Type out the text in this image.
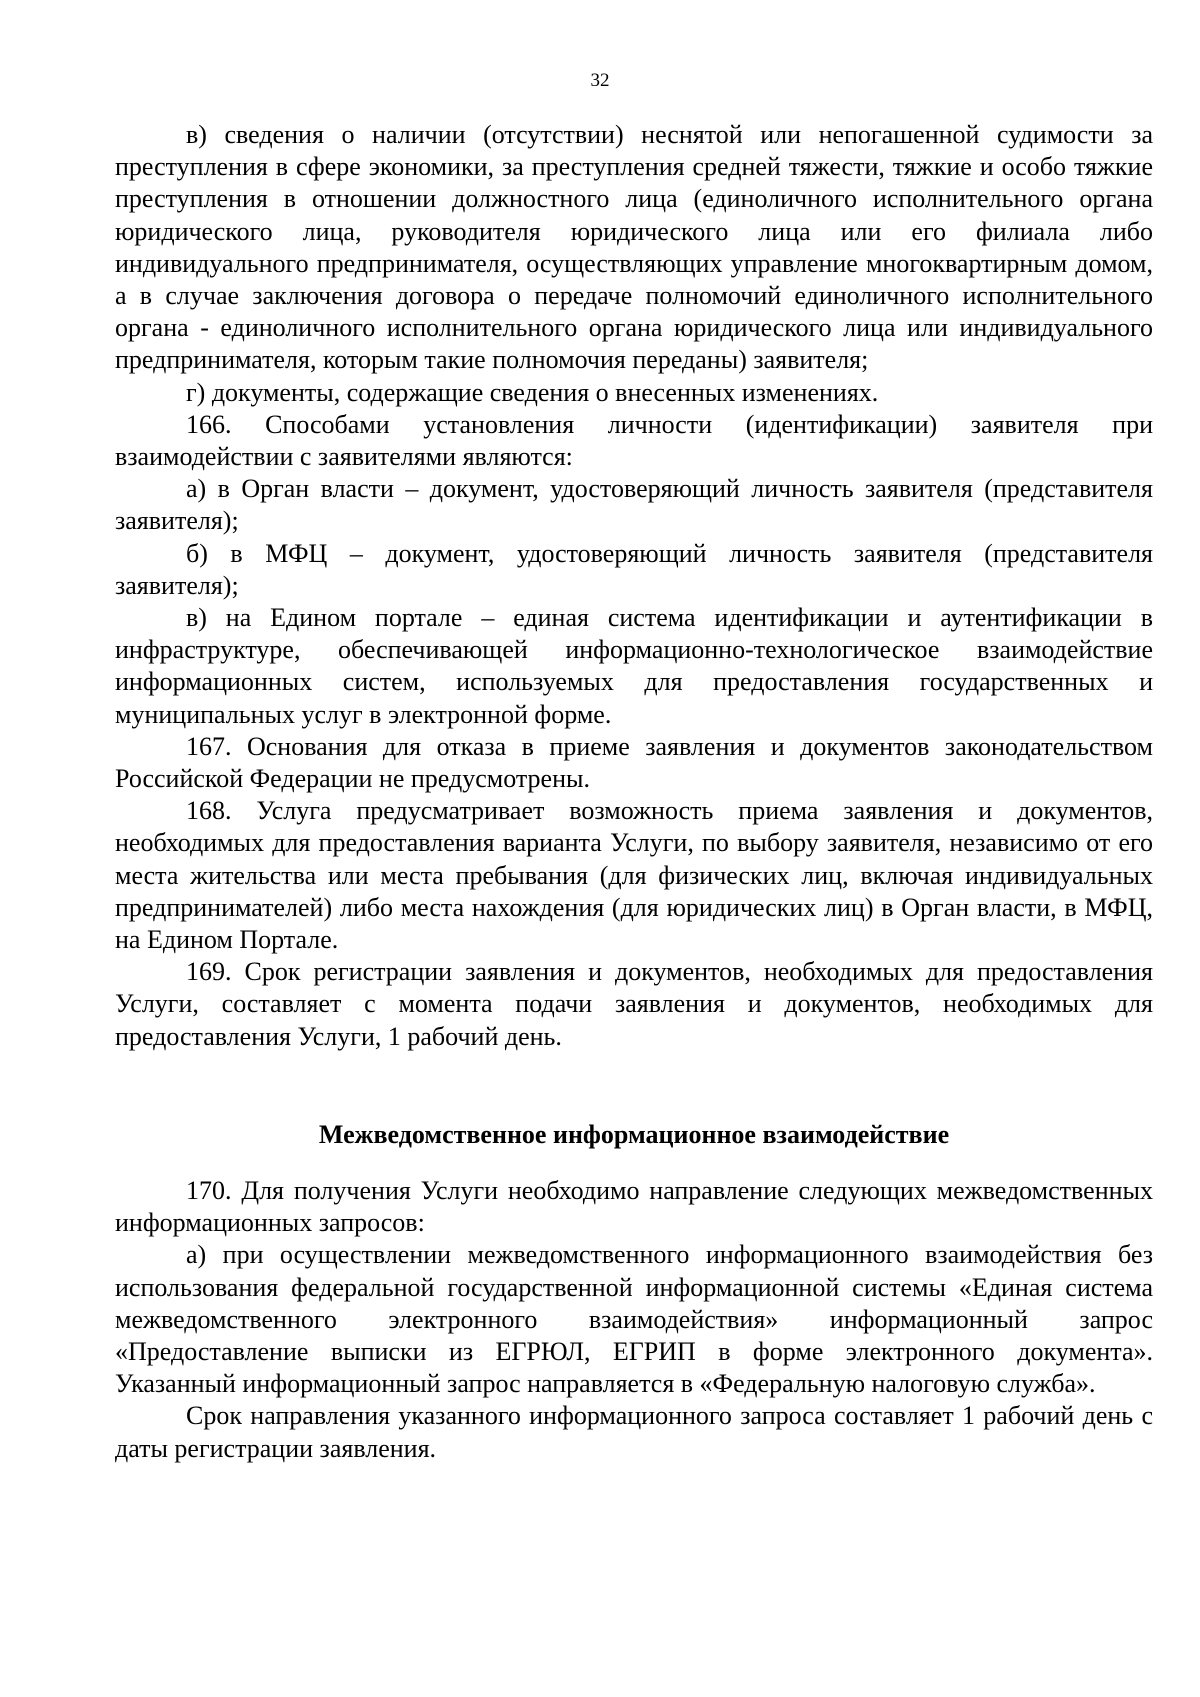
32

в) сведения о наличии (отсутствии) неснятой или непогашенной судимости за преступления в сфере экономики, за преступления средней тяжести, тяжкие и особо тяжкие преступления в отношении должностного лица (единоличного исполнительного органа юридического лица, руководителя юридического лица или его филиала либо индивидуального предпринимателя, осуществляющих управление многоквартирным домом, а в случае заключения договора о передаче полномочий единоличного исполнительного органа - единоличного исполнительного органа юридического лица или индивидуального предпринимателя, которым такие полномочия переданы) заявителя;

г) документы, содержащие сведения о внесенных изменениях.

166. Способами установления личности (идентификации) заявителя при взаимодействии с заявителями являются:

а) в Орган власти – документ, удостоверяющий личность заявителя (представителя заявителя);

б) в МФЦ – документ, удостоверяющий личность заявителя (представителя заявителя);

в) на Едином портале – единая система идентификации и аутентификации в инфраструктуре, обеспечивающей информационно-технологическое взаимодействие информационных систем, используемых для предоставления государственных и муниципальных услуг в электронной форме.

167. Основания для отказа в приеме заявления и документов законодательством Российской Федерации не предусмотрены.

168. Услуга предусматривает возможность приема заявления и документов, необходимых для предоставления варианта Услуги, по выбору заявителя, независимо от его места жительства или места пребывания (для физических лиц, включая индивидуальных предпринимателей) либо места нахождения (для юридических лиц) в Орган власти, в МФЦ, на Едином Портале.

169. Срок регистрации заявления и документов, необходимых для предоставления Услуги, составляет с момента подачи заявления и документов, необходимых для предоставления Услуги, 1 рабочий день.

Межведомственное информационное взаимодействие

170. Для получения Услуги необходимо направление следующих межведомственных информационных запросов:

а) при осуществлении межведомственного информационного взаимодействия без использования федеральной государственной информационной системы «Единая система межведомственного электронного взаимодействия» информационный запрос «Предоставление выписки из ЕГРЮЛ, ЕГРИП в форме электронного документа». Указанный информационный запрос направляется в «Федеральную налоговую служба».

Срок направления указанного информационного запроса составляет 1 рабочий день с даты регистрации заявления.
